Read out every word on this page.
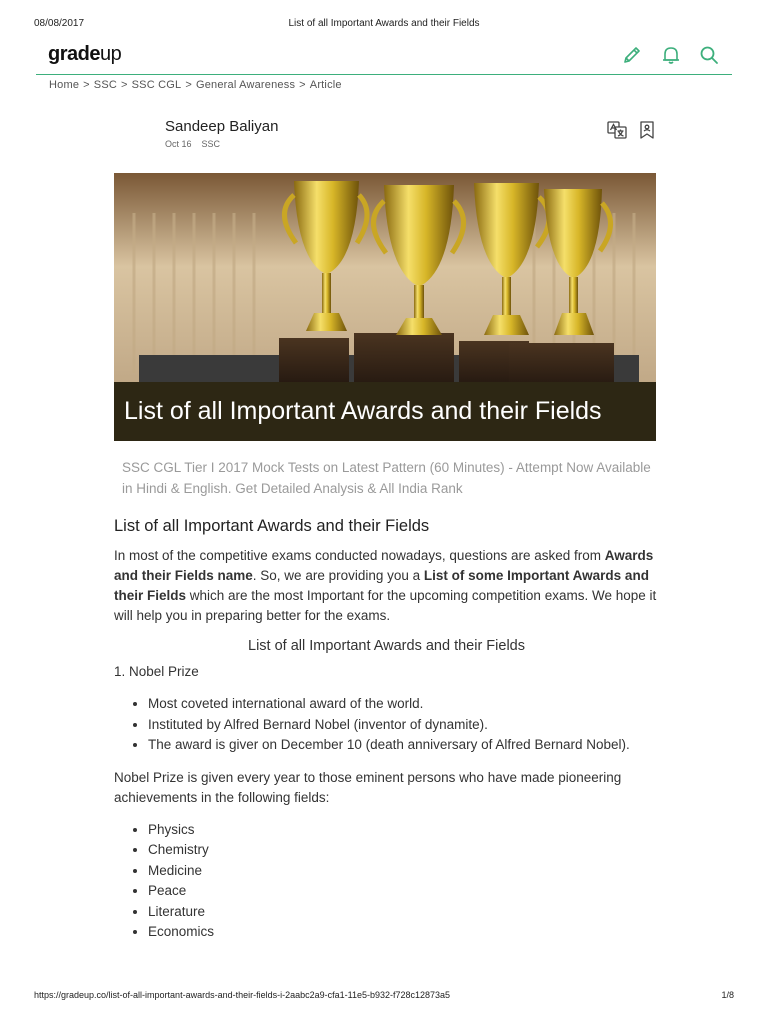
08/08/2017	List of all Important Awards and their Fields
gradeup

Home > SSC > SSC CGL > General Awareness > Article
Sandeep Baliyan
Oct 16 SSC

List of all Important Awards and their Fields
SSC CGL Tier I 2017 Mock Tests on Latest Pattern (60 Minutes) - Attempt Now Available in Hindi & English. Get Detailed Analysis & All India Rank
List of all Important Awards and their Fields

In most of the competitive exams conducted nowadays, questions are asked from Awards and their Fields name. So, we are providing you a List of some Important Awards and their Fields which are the most Important for the upcoming competition exams. We hope it will help you in preparing better for the exams.

List of all Important Awards and their Fields
1. Nobel Prize
• Most coveted international award of the world.
• Instituted by Alfred Bernard Nobel (inventor of dynamite).
• The award is giver on December 10 (death anniversary of Alfred Bernard Nobel).

Nobel Prize is given every year to those eminent persons who have made pioneering achievements in the following fields:

• Physics
• Chemistry
• Medicine
• Peace
• Literature
• Economics
https://gradeup.co/list-of-all-important-awards-and-their-fields-i-2aabc2a9-cfa1-11e5-b932-f728c12873a5	1/8
